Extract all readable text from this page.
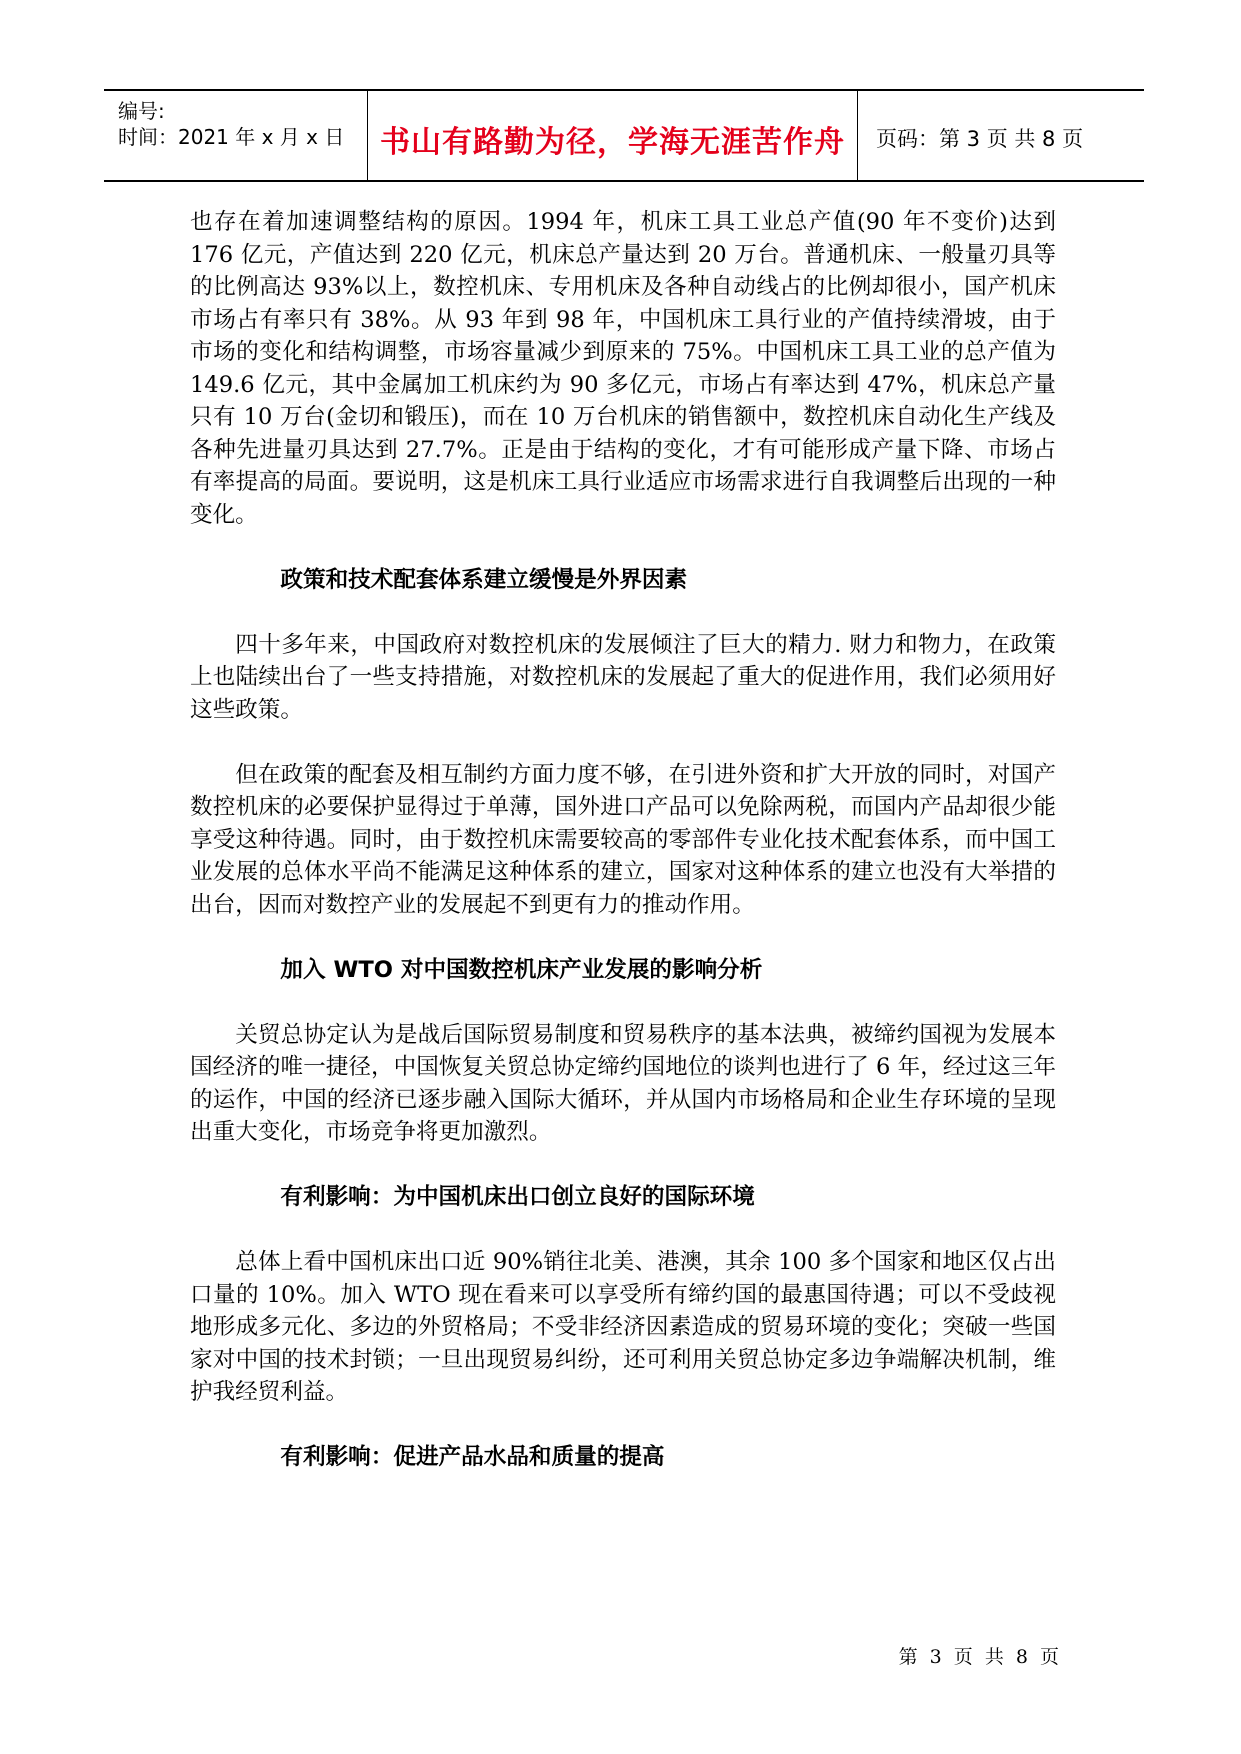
编号:
时间：2021 年 x 月 x 日	书山有路勤为径，学海无涯苦作舟	页码：第 3 页 共 8 页

也存在着加速调整结构的原因。1994 年，机床工具工业总产值(90 年不变价)达到 176 亿元，产值达到 220 亿元，机床总产量达到 20 万台。普通机床、一般量刃具等的比例高达 93%以上，数控机床、专用机床及各种自动线占的比例却很小，国产机床市场占有率只有 38%。从 93 年到 98 年，中国机床工具行业的产值持续滑坡，由于市场的变化和结构调整，市场容量减少到原来的 75%。中国机床工具工业的总产值为 149.6 亿元，其中金属加工机床约为 90 多亿元，市场占有率达到 47%，机床总产量只有 10 万台(金切和锻压)，而在 10 万台机床的销售额中，数控机床自动化生产线及各种先进量刃具达到 27.7%。正是由于结构的变化，才有可能形成产量下降、市场占有率提高的局面。要说明，这是机床工具行业适应市场需求进行自我调整后出现的一种变化。

政策和技术配套体系建立缓慢是外界因素

四十多年来，中国政府对数控机床的发展倾注了巨大的精力. 财力和物力，在政策上也陆续出台了一些支持措施，对数控机床的发展起了重大的促进作用，我们必须用好这些政策。

但在政策的配套及相互制约方面力度不够，在引进外资和扩大开放的同时，对国产数控机床的必要保护显得过于单薄，国外进口产品可以免除两税，而国内产品却很少能享受这种待遇。同时，由于数控机床需要较高的零部件专业化技术配套体系，而中国工业发展的总体水平尚不能满足这种体系的建立，国家对这种体系的建立也没有大举措的出台，因而对数控产业的发展起不到更有力的推动作用。

加入 WTO 对中国数控机床产业发展的影响分析

关贸总协定认为是战后国际贸易制度和贸易秩序的基本法典，被缔约国视为发展本国经济的唯一捷径，中国恢复关贸总协定缔约国地位的谈判也进行了 6 年，经过这三年的运作，中国的经济已逐步融入国际大循环，并从国内市场格局和企业生存环境的呈现出重大变化，市场竞争将更加激烈。

有利影响：为中国机床出口创立良好的国际环境

总体上看中国机床出口近 90%销往北美、港澳，其余 100 多个国家和地区仅占出口量的 10%。加入 WTO 现在看来可以享受所有缔约国的最惠国待遇；可以不受歧视地形成多元化、多边的外贸格局；不受非经济因素造成的贸易环境的变化；突破一些国家对中国的技术封锁；一旦出现贸易纠纷，还可利用关贸总协定多边争端解决机制，维护我经贸利益。

有利影响：促进产品水品和质量的提高
第 3 页 共 8 页
